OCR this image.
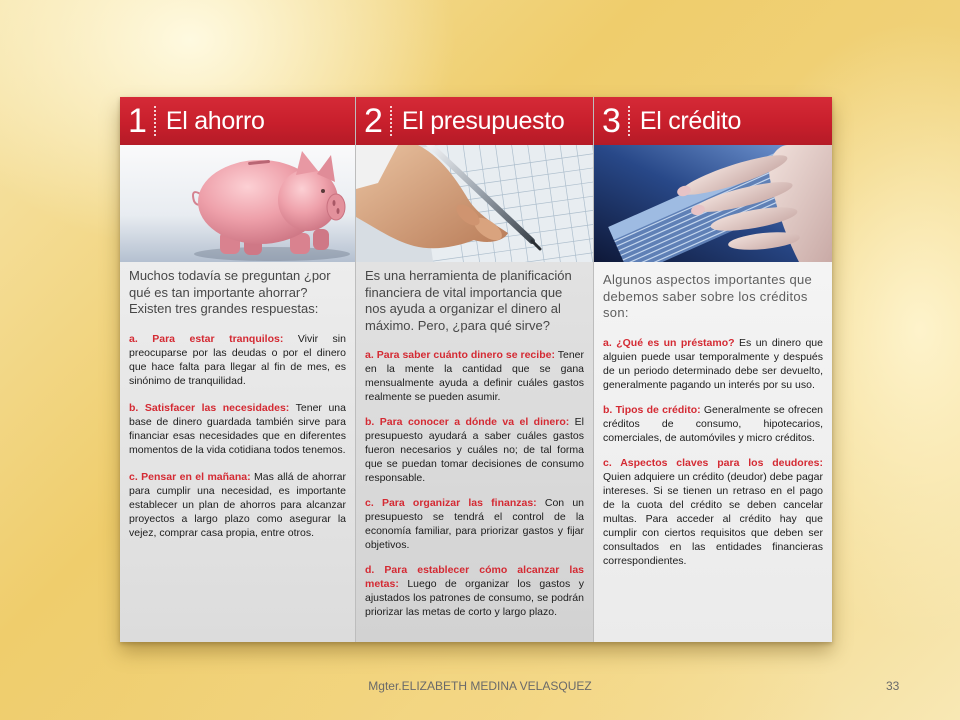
1 El ahorro

Muchos todavía se preguntan ¿por qué es tan importante ahorrar? Existen tres grandes respuestas:

a. Para estar tranquilos: Vivir sin preocuparse por las deudas o por el dinero que hace falta para llegar al fin de mes, es sinónimo de tranquilidad.

b. Satisfacer las necesidades: Tener una base de dinero guardada también sirve para financiar esas necesidades que en diferentes momentos de la vida cotidiana todos tenemos.

c. Pensar en el mañana: Mas allá de ahorrar para cumplir una necesidad, es importante establecer un plan de ahorros para alcanzar proyectos a largo plazo como asegurar la vejez, comprar casa propia, entre otros.

2 El presupuesto

Es una herramienta de planificación financiera de vital importancia que nos ayuda a organizar el dinero al máximo. Pero, ¿para qué sirve?

a. Para saber cuánto dinero se recibe: Tener en la mente la cantidad que se gana mensualmente ayuda a definir cuáles gastos realmente se pueden asumir.

b. Para conocer a dónde va el dinero: El presupuesto ayudará a saber cuáles gastos fueron necesarios y cuáles no; de tal forma que se puedan tomar decisiones de consumo responsable.

c. Para organizar las finanzas: Con un presupuesto se tendrá el control de la economía familiar, para priorizar gastos y fijar objetivos.

d. Para establecer cómo alcanzar las metas: Luego de organizar los gastos y ajustados los patrones de consumo, se podrán priorizar las metas de corto y largo plazo.

3 El crédito

Algunos aspectos importantes que debemos saber sobre los créditos son:

a. ¿Qué es un préstamo? Es un dinero que alguien puede usar temporalmente y después de un periodo determinado debe ser devuelto, generalmente pagando un interés por su uso.

b. Tipos de crédito: Generalmente se ofrecen créditos de consumo, hipotecarios, comerciales, de automóviles y micro créditos.

c. Aspectos claves para los deudores: Quien adquiere un crédito (deudor) debe pagar intereses. Si se tienen un retraso en el pago de la cuota del crédito se deben cancelar multas. Para acceder al crédito hay que cumplir con ciertos requisitos que deben ser consultados en las entidades financieras correspondientes.

Mgter.ELIZABETH MEDINA VELASQUEZ	33
